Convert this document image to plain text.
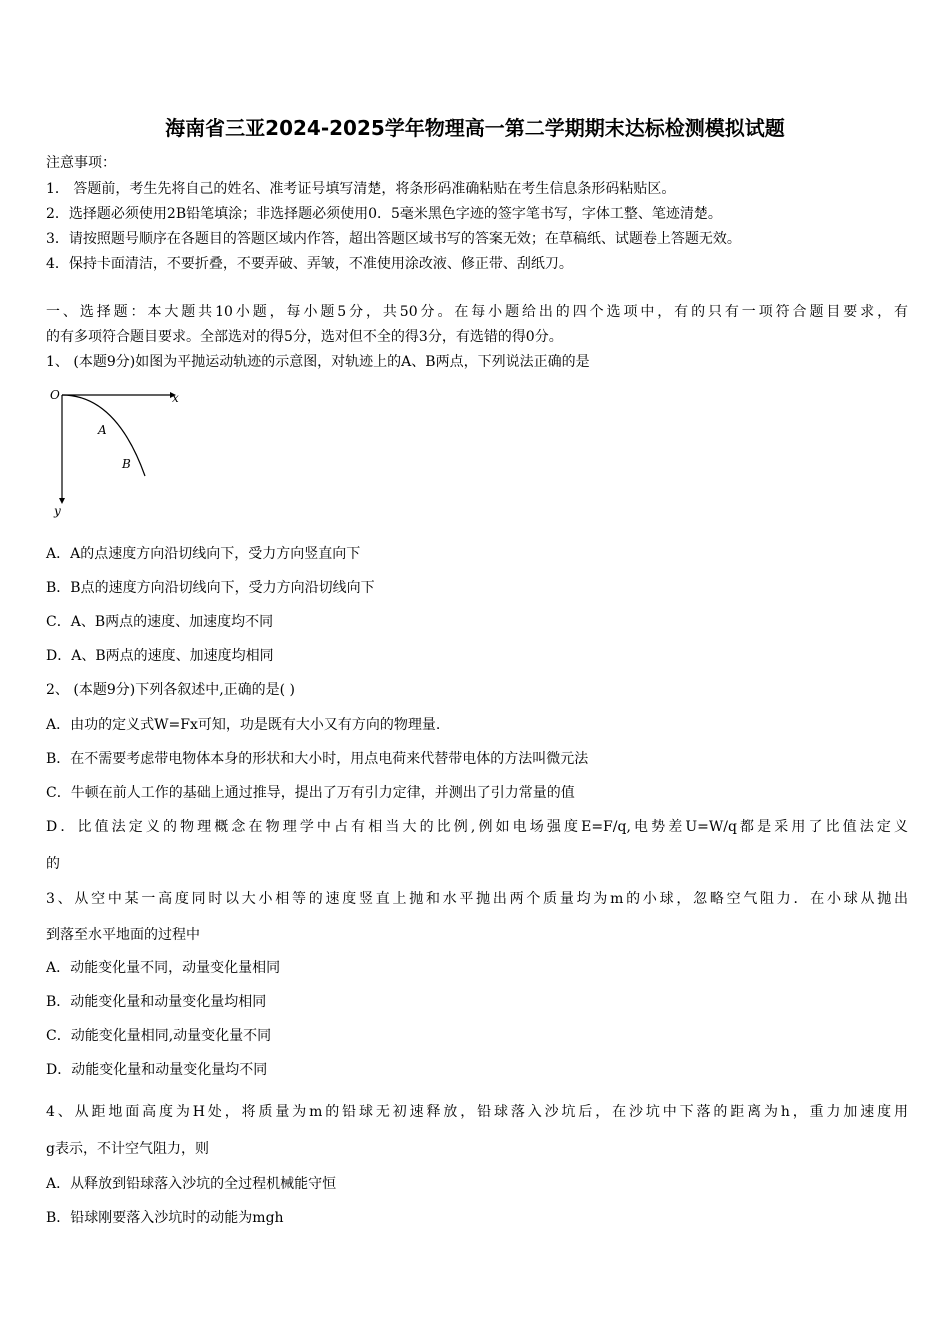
海南省三亚2024-2025学年物理高一第二学期期末达标检测模拟试题
注意事项：
1． 答题前，考生先将自己的姓名、准考证号填写清楚，将条形码准确粘贴在考生信息条形码粘贴区。
2．选择题必须使用2B铅笔填涂；非选择题必须使用0．5毫米黑色字迹的签字笔书写，字体工整、笔迹清楚。
3．请按照题号顺序在各题目的答题区域内作答，超出答题区域书写的答案无效；在草稿纸、试题卷上答题无效。
4．保持卡面清洁，不要折叠，不要弄破、弄皱，不准使用涂改液、修正带、刮纸刀。
一、选择题：本大题共10小题，每小题5分，共50分。在每小题给出的四个选项中，有的只有一项符合题目要求，有
的有多项符合题目要求。全部选对的得5分，选对但不全的得3分，有选错的得0分。
1、 (本题9分)如图为平抛运动轨迹的示意图，对轨迹上的A、B两点，下列说法正确的是
O	x
y
A
B
A．A的点速度方向沿切线向下，受力方向竖直向下
B．B点的速度方向沿切线向下，受力方向沿切线向下
C．A、B两点的速度、加速度均不同
D．A、B两点的速度、加速度均相同
2、 (本题9分)下列各叙述中,正确的是( )
A．由功的定义式W=Fx可知，功是既有大小又有方向的物理量.
B．在不需要考虑带电物体本身的形状和大小时，用点电荷来代替带电体的方法叫微元法
C．牛顿在前人工作的基础上通过推导，提出了万有引力定律，并测出了引力常量的值
D．比值法定义的物理概念在物理学中占有相当大的比例,例如电场强度E=F/q,电势差U=W/q都是采用了比值法定义
的
3、从空中某一高度同时以大小相等的速度竖直上抛和水平抛出两个质量均为m的小球，忽略空气阻力．在小球从抛出
到落至水平地面的过程中
A．动能变化量不同，动量变化量相同
B．动能变化量和动量变化量均相同
C．动能变化量相同,动量变化量不同
D．动能变化量和动量变化量均不同
4、从距地面高度为H处，将质量为m的铅球无初速释放，铅球落入沙坑后，在沙坑中下落的距离为h，重力加速度用
g表示，不计空气阻力，则
A．从释放到铅球落入沙坑的全过程机械能守恒
B．铅球刚要落入沙坑时的动能为mgh
